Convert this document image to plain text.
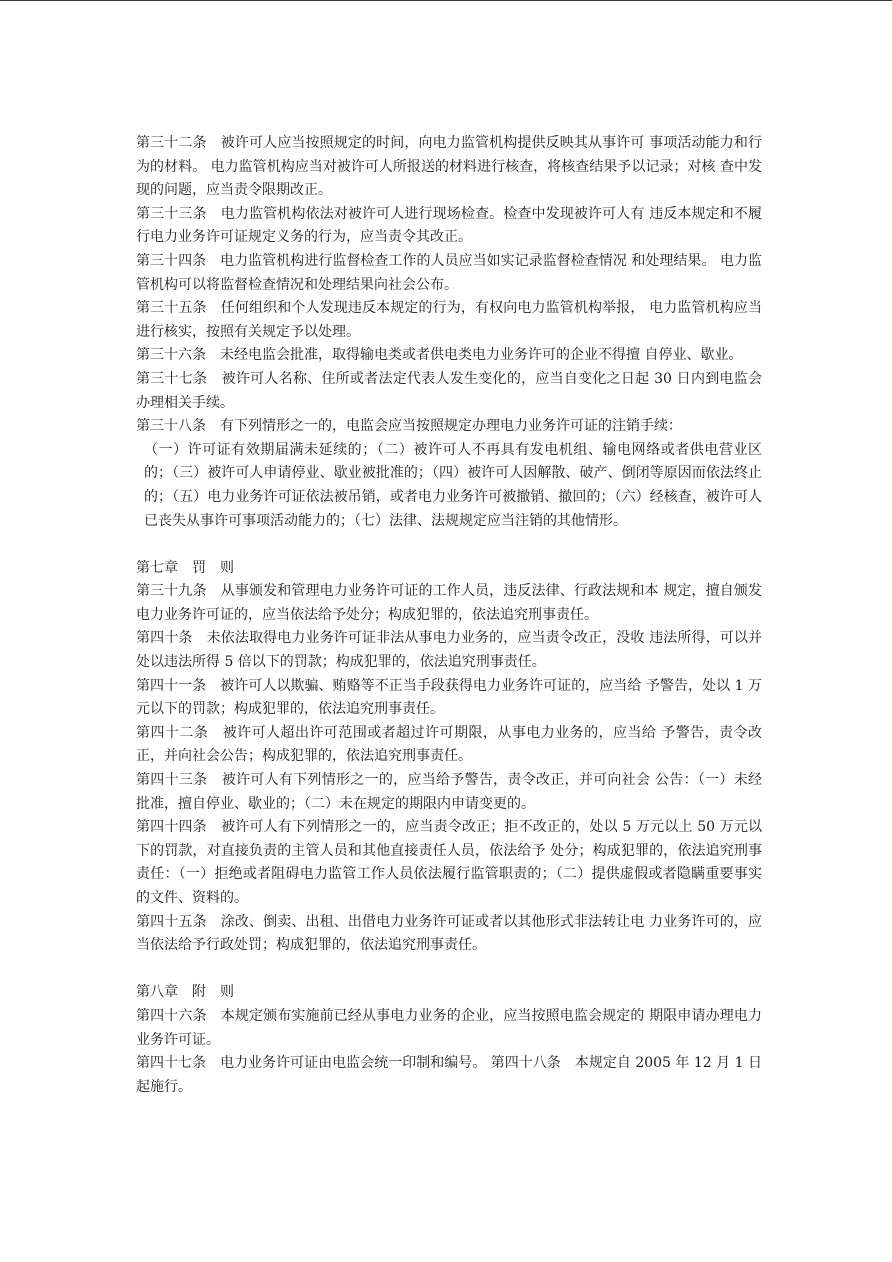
第三十二条　被许可人应当按照规定的时间，向电力监管机构提供反映其从事许可 事项活动能力和行为的材料。 电力监管机构应当对被许可人所报送的材料进行核查，将核查结果予以记录；对核 查中发现的问题，应当责令限期改正。

第三十三条　电力监管机构依法对被许可人进行现场检查。检查中发现被许可人有 违反本规定和不履行电力业务许可证规定义务的行为，应当责令其改正。

第三十四条　电力监管机构进行监督检查工作的人员应当如实记录监督检查情况 和处理结果。 电力监管机构可以将监督检查情况和处理结果向社会公布。

第三十五条　任何组织和个人发现违反本规定的行为，有权向电力监管机构举报， 电力监管机构应当进行核实，按照有关规定予以处理。

第三十六条　未经电监会批准，取得输电类或者供电类电力业务许可的企业不得擅 自停业、歇业。

第三十七条　被许可人名称、住所或者法定代表人发生变化的，应当自变化之日起 30 日内到电监会办理相关手续。

第三十八条　有下列情形之一的，电监会应当按照规定办理电力业务许可证的注销手续：

（一）许可证有效期届满未延续的；（二）被许可人不再具有发电机组、输电网络或者供电营业区的；（三）被许可人申请停业、歇业被批准的；（四）被许可人因解散、破产、倒闭等原因而依法终止的；（五）电力业务许可证依法被吊销，或者电力业务许可被撤销、撤回的；（六）经核查，被许可人已丧失从事许可事项活动能力的；（七）法律、法规规定应当注销的其他情形。

第七章　罚　则

第三十九条　从事颁发和管理电力业务许可证的工作人员，违反法律、行政法规和本 规定，擅自颁发电力业务许可证的，应当依法给予处分；构成犯罪的，依法追究刑事责任。

第四十条　未依法取得电力业务许可证非法从事电力业务的，应当责令改正，没收 违法所得，可以并处以违法所得 5 倍以下的罚款；构成犯罪的，依法追究刑事责任。

第四十一条　被许可人以欺骗、贿赂等不正当手段获得电力业务许可证的，应当给 予警告，处以 1 万元以下的罚款；构成犯罪的，依法追究刑事责任。

第四十二条　被许可人超出许可范围或者超过许可期限，从事电力业务的，应当给 予警告，责令改正，并向社会公告；构成犯罪的，依法追究刑事责任。

第四十三条　被许可人有下列情形之一的，应当给予警告，责令改正，并可向社会 公告：（一）未经批准，擅自停业、歇业的；（二）未在规定的期限内申请变更的。

第四十四条　被许可人有下列情形之一的，应当责令改正；拒不改正的，处以 5 万元以上 50 万元以下的罚款，对直接负责的主管人员和其他直接责任人员，依法给予 处分；构成犯罪的，依法追究刑事责任：（一）拒绝或者阻碍电力监管工作人员依法履行监管职责的；（二）提供虚假或者隐瞒重要事实的文件、资料的。

第四十五条　涂改、倒卖、出租、出借电力业务许可证或者以其他形式非法转让电 力业务许可的，应当依法给予行政处罚；构成犯罪的，依法追究刑事责任。

第八章　附　则

第四十六条　本规定颁布实施前已经从事电力业务的企业，应当按照电监会规定的 期限申请办理电力业务许可证。

第四十七条　电力业务许可证由电监会统一印制和编号。 第四十八条　本规定自 2005 年 12 月 1 日起施行。
